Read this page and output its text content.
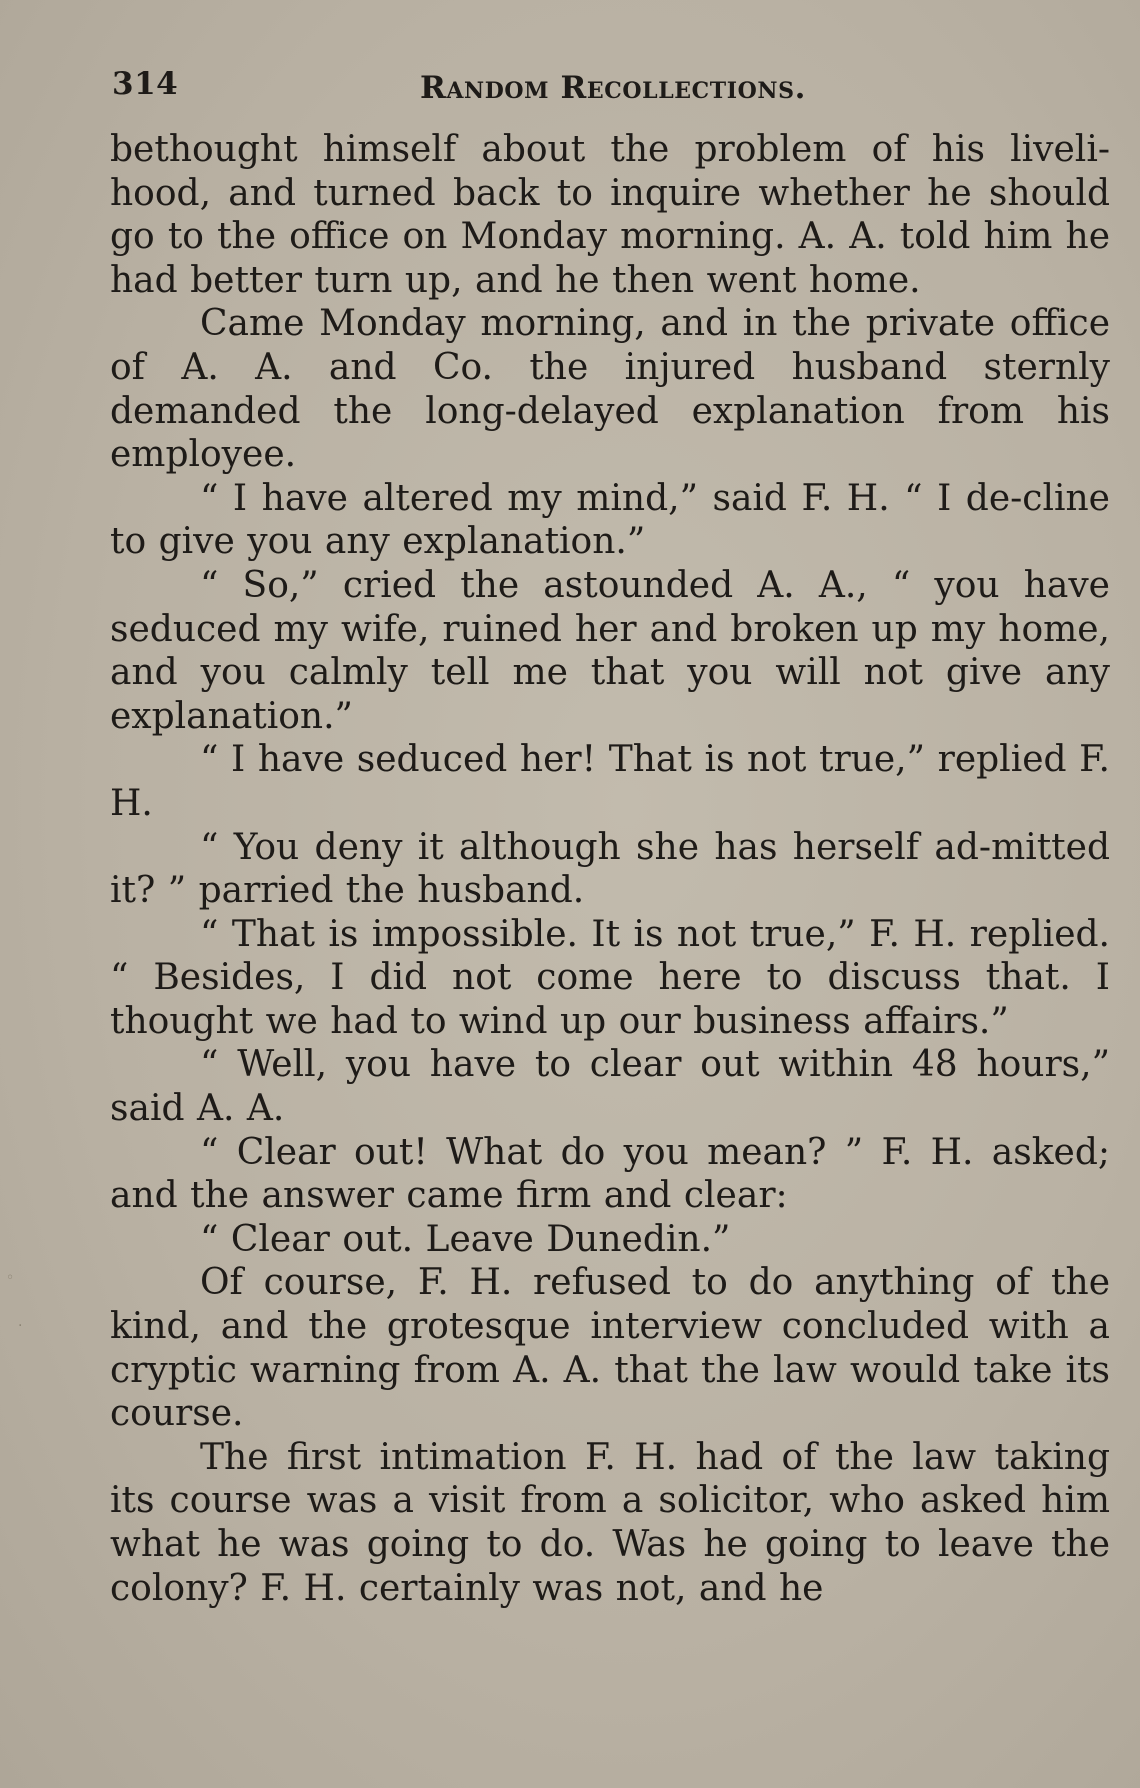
314	Random Recollections.

bethought himself about the problem of his liveli-hood, and turned back to inquire whether he should go to the office on Monday morning. A. A. told him he had better turn up, and he then went home.

Came Monday morning, and in the private office of A. A. and Co. the injured husband sternly demanded the long-delayed explanation from his employee.

“ I have altered my mind,” said F. H. “ I de-cline to give you any explanation.”

“ So,” cried the astounded A. A., “ you have seduced my wife, ruined her and broken up my home, and you calmly tell me that you will not give any explanation.”

“ I have seduced her! That is not true,” replied F. H.

“ You deny it although she has herself ad-mitted it? ” parried the husband.

“ That is impossible. It is not true,” F. H. replied. “ Besides, I did not come here to discuss that. I thought we had to wind up our business affairs.”

“ Well, you have to clear out within 48 hours,” said A. A.

“ Clear out! What do you mean? ” F. H. asked; and the answer came firm and clear:

“ Clear out. Leave Dunedin.”

Of course, F. H. refused to do anything of the kind, and the grotesque interview concluded with a cryptic warning from A. A. that the law would take its course.

The first intimation F. H. had of the law taking its course was a visit from a solicitor, who asked him what he was going to do. Was he going to leave the colony? F. H. certainly was not, and he

◦
·
